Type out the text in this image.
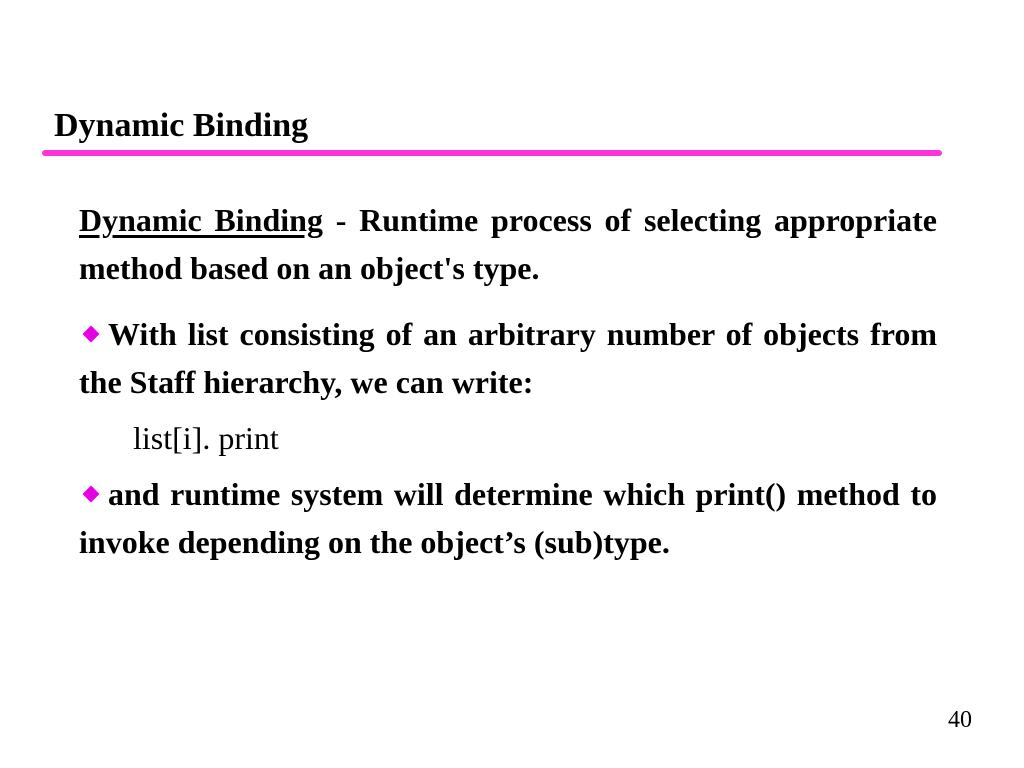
Dynamic Binding

Dynamic Binding - Runtime process of selecting appropriate method based on an object's type.

With list consisting of an arbitrary number of objects from the Staff hierarchy, we can write:

list[i]. print

and runtime system will determine which print() method to invoke depending on the object’s (sub)type.

40
